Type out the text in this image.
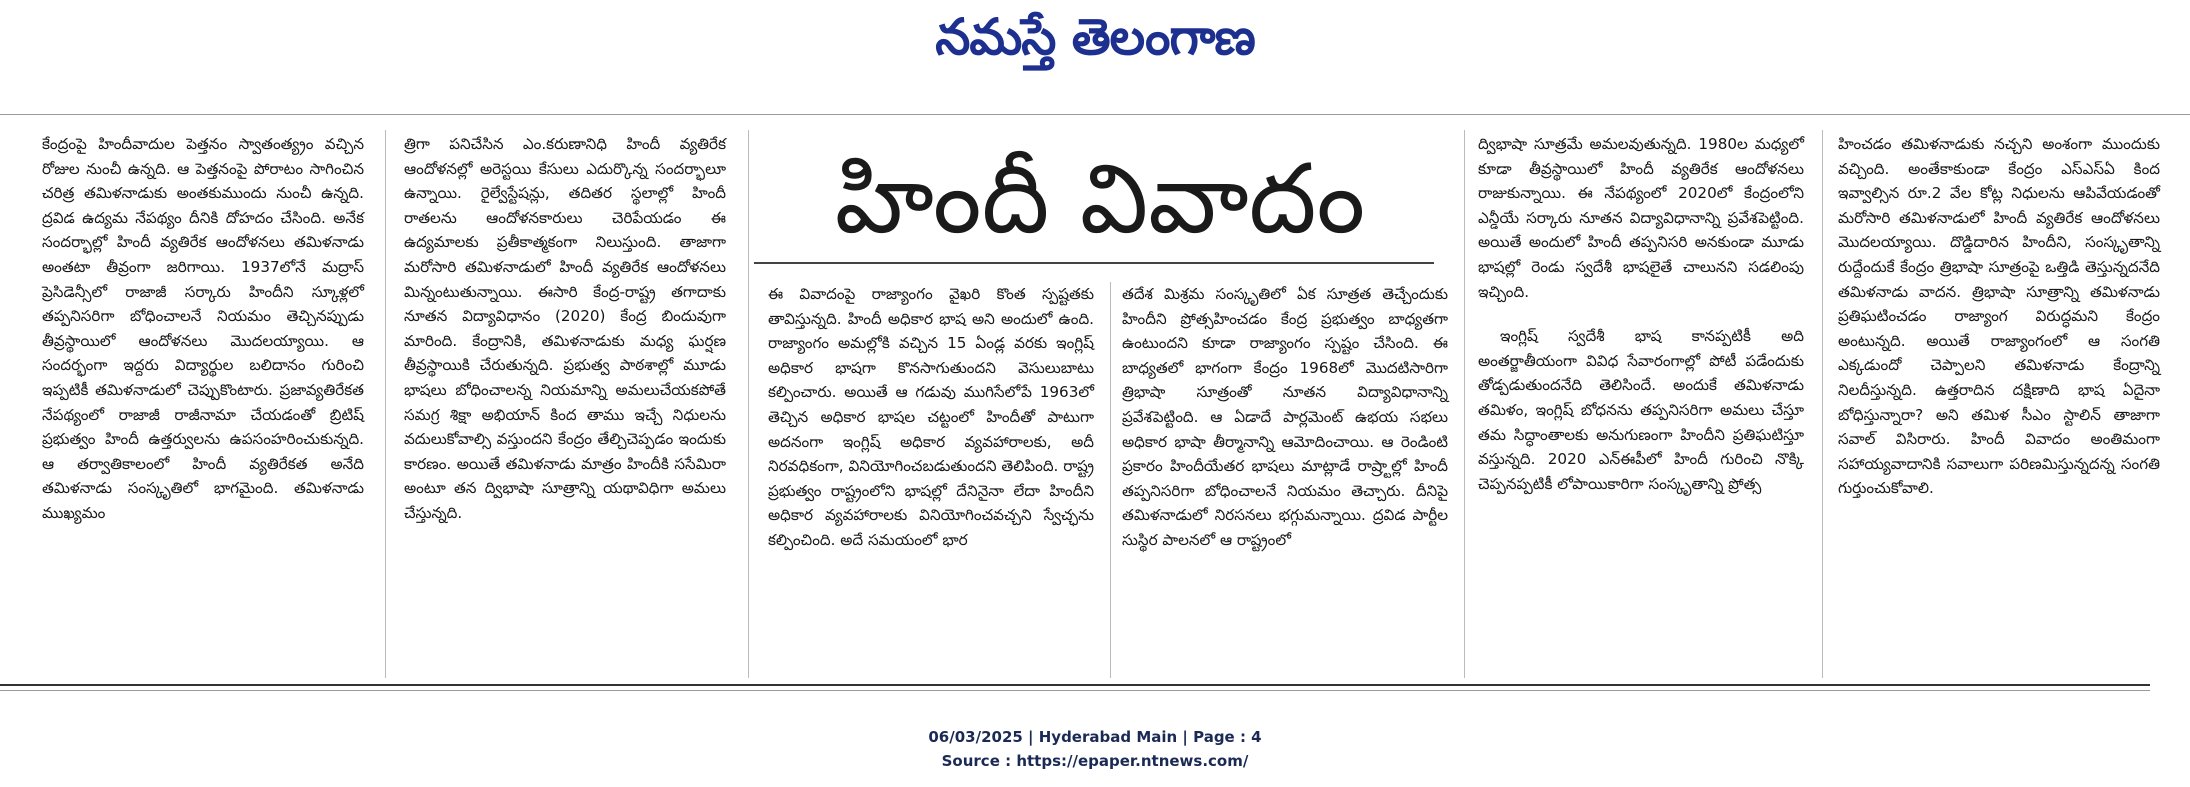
నమస్తే తెలంగాణ

కేంద్రంపై హిందీవాదుల పెత్తనం స్వాతంత్య్రం వచ్చిన రోజుల నుంచీ ఉన్నది. ఆ పెత్తనంపై పోరాటం సాగించిన చరిత్ర తమిళనాడుకు అంతకుముందు నుంచీ ఉన్నది. ద్రవిడ ఉద్యమ నేపథ్యం దీనికి దోహదం చేసింది. అనేక సందర్భాల్లో హిందీ వ్యతిరేక ఆందోళనలు తమిళనాడు అంతటా తీవ్రంగా జరిగాయి. 1937లోనే మద్రాస్ ప్రెసిడెన్సీలో రాజాజీ సర్కారు హిందీని స్కూళ్లలో తప్పనిసరిగా బోధించాలనే నియమం తెచ్చినప్పుడు తీవ్రస్థాయిలో ఆందోళనలు మొదలయ్యాయి. ఆ సందర్భంగా ఇద్దరు విద్యార్థుల బలిదానం గురించి ఇప్పటికీ తమిళనాడులో చెప్పుకొంటారు. ప్రజావ్యతిరేకత నేపథ్యంలో రాజాజీ రాజీనామా చేయడంతో బ్రిటిష్ ప్రభుత్వం హిందీ ఉత్తర్వులను ఉపసంహరించుకున్నది. ఆ తర్వాతికాలంలో హిందీ వ్యతిరేకత అనేది తమిళనాడు సంస్కృతిలో భాగమైంది. తమిళనాడు ముఖ్యమం

త్రిగా పనిచేసిన ఎం.కరుణానిధి హిందీ వ్యతిరేక ఆందోళనల్లో అరెస్టయి కేసులు ఎదుర్కొన్న సందర్భాలూ ఉన్నాయి. రైల్వేస్టేషన్లు, తదితర స్థలాల్లో హిందీ రాతలను ఆందోళనకారులు చెరిపేయడం ఈ ఉద్యమాలకు ప్రతీకాత్మకంగా నిలుస్తుంది. తాజాగా మరోసారి తమిళనాడులో హిందీ వ్యతిరేక ఆందోళనలు మిన్నంటుతున్నాయి. ఈసారి కేంద్ర-రాష్ట్ర తగాదాకు నూతన విద్యావిధానం (2020) కేంద్ర బిందువుగా మారింది. కేంద్రానికి, తమిళనాడుకు మధ్య ఘర్షణ తీవ్రస్థాయికి చేరుతున్నది. ప్రభుత్వ పాఠశాల్లో మూడు భాషలు బోధించాలన్న నియమాన్ని అమలుచేయకపోతే సమగ్ర శిక్షా అభియాన్ కింద తాము ఇచ్చే నిధులను వదులుకోవాల్సి వస్తుందని కేంద్రం తేల్చిచెప్పడం ఇందుకు కారణం. అయితే తమిళనాడు మాత్రం హిందీకి ససేమిరా అంటూ తన ద్విభాషా సూత్రాన్ని యథావిధిగా అమలు చేస్తున్నది.

హిందీ వివాదం

ఈ వివాదంపై రాజ్యాంగం వైఖరి కొంత స్పష్టతకు తావిస్తున్నది. హిందీ అధికార భాష అని అందులో ఉంది. రాజ్యాంగం అమల్లోకి వచ్చిన 15 ఏండ్ల వరకు ఇంగ్లిష్ అధికార భాషగా కొనసాగుతుందని వెసులుబాటు కల్పించారు. అయితే ఆ గడువు ముగిసేలోపే 1963లో తెచ్చిన అధికార భాషల చట్టంలో హిందీతో పాటుగా అదనంగా ఇంగ్లిష్ అధికార వ్యవహారాలకు, అదీ నిరవధికంగా, వినియోగించబడుతుందని తెలిపింది. రాష్ట్ర ప్రభుత్వం రాష్ట్రంలోని భాషల్లో దేనినైనా లేదా హిందీని అధికార వ్యవహారాలకు వినియోగించవచ్చని స్వేచ్ఛను కల్పించింది. అదే సమయంలో భార

తదేశ మిశ్రమ సంస్కృతిలో ఏక సూత్రత తెచ్చేందుకు హిందీని ప్రోత్సహించడం కేంద్ర ప్రభుత్వం బాధ్యతగా ఉంటుందని కూడా రాజ్యాంగం స్పష్టం చేసింది. ఈ బాధ్యతలో భాగంగా కేంద్రం 1968లో మొదటిసారిగా త్రిభాషా సూత్రంతో నూతన విద్యావిధానాన్ని ప్రవేశపెట్టింది. ఆ ఏడాదే పార్లమెంట్ ఉభయ సభలు అధికార భాషా తీర్మానాన్ని ఆమోదించాయి. ఆ రెండింటి ప్రకారం హిందీయేతర భాషలు మాట్లాడే రాష్ర్టాల్లో హిందీ తప్పనిసరిగా బోధించాలనే నియమం తెచ్చారు. దీనిపై తమిళనాడులో నిరసనలు భగ్గుమన్నాయి. ద్రవిడ పార్టీల సుస్థిర పాలనలో ఆ రాష్ట్రంలో

ద్విభాషా సూత్రమే అమలవుతున్నది. 1980ల మధ్యలో కూడా తీవ్రస్థాయిలో హిందీ వ్యతిరేక ఆందోళనలు రాజుకున్నాయి. ఈ నేపథ్యంలో 2020లో కేంద్రంలోని ఎన్డీయే సర్కారు నూతన విద్యావిధానాన్ని ప్రవేశపెట్టింది. అయితే అందులో హిందీ తప్పనిసరి అనకుండా మూడు భాషల్లో రెండు స్వదేశీ భాషలైతే చాలునని సడలింపు ఇచ్చింది.

ఇంగ్లిష్ స్వదేశీ భాష కానప్పటికీ అది అంతర్జాతీయంగా వివిధ సేవారంగాల్లో పోటీ పడేందుకు తోడ్పడుతుందనేది తెలిసిందే. అందుకే తమిళనాడు తమిళం, ఇంగ్లిష్ బోధనను తప్పనిసరిగా అమలు చేస్తూ తమ సిద్ధాంతాలకు అనుగుణంగా హిందీని ప్రతిఘటిస్తూ వస్తున్నది. 2020 ఎన్ఈపీలో హిందీ గురించి నొక్కి చెప్పనప్పటికీ లోపాయికారిగా సంస్కృతాన్ని ప్రోత్స

హించడం తమిళనాడుకు నచ్చని అంశంగా ముందుకు వచ్చింది. అంతేకాకుండా కేంద్రం ఎస్ఎస్ఏ కింద ఇవ్వాల్సిన రూ.2 వేల కోట్ల నిధులను ఆపివేయడంతో మరోసారి తమిళనాడులో హిందీ వ్యతిరేక ఆందోళనలు మొదలయ్యాయి. దొడ్డిదారిన హిందీని, సంస్కృతాన్ని రుద్దేందుకే కేంద్రం త్రిభాషా సూత్రంపై ఒత్తిడి తెస్తున్నదనేది తమిళనాడు వాదన. త్రిభాషా సూత్రాన్ని తమిళనాడు ప్రతిఘటించడం రాజ్యాంగ విరుద్ధమని కేంద్రం అంటున్నది. అయితే రాజ్యాంగంలో ఆ సంగతి ఎక్కడుందో చెప్పాలని తమిళనాడు కేంద్రాన్ని నిలదీస్తున్నది. ఉత్తరాదిన దక్షిణాది భాష ఏదైనా బోధిస్తున్నారా? అని తమిళ సీఎం స్టాలిన్ తాజాగా సవాల్ విసిరారు. హిందీ వివాదం అంతిమంగా సహాయ్యవాదానికి సవాలుగా పరిణమిస్తున్నదన్న సంగతి గుర్తుంచుకోవాలి.

06/03/2025 | Hyderabad Main | Page : 4
Source : https://epaper.ntnews.com/
